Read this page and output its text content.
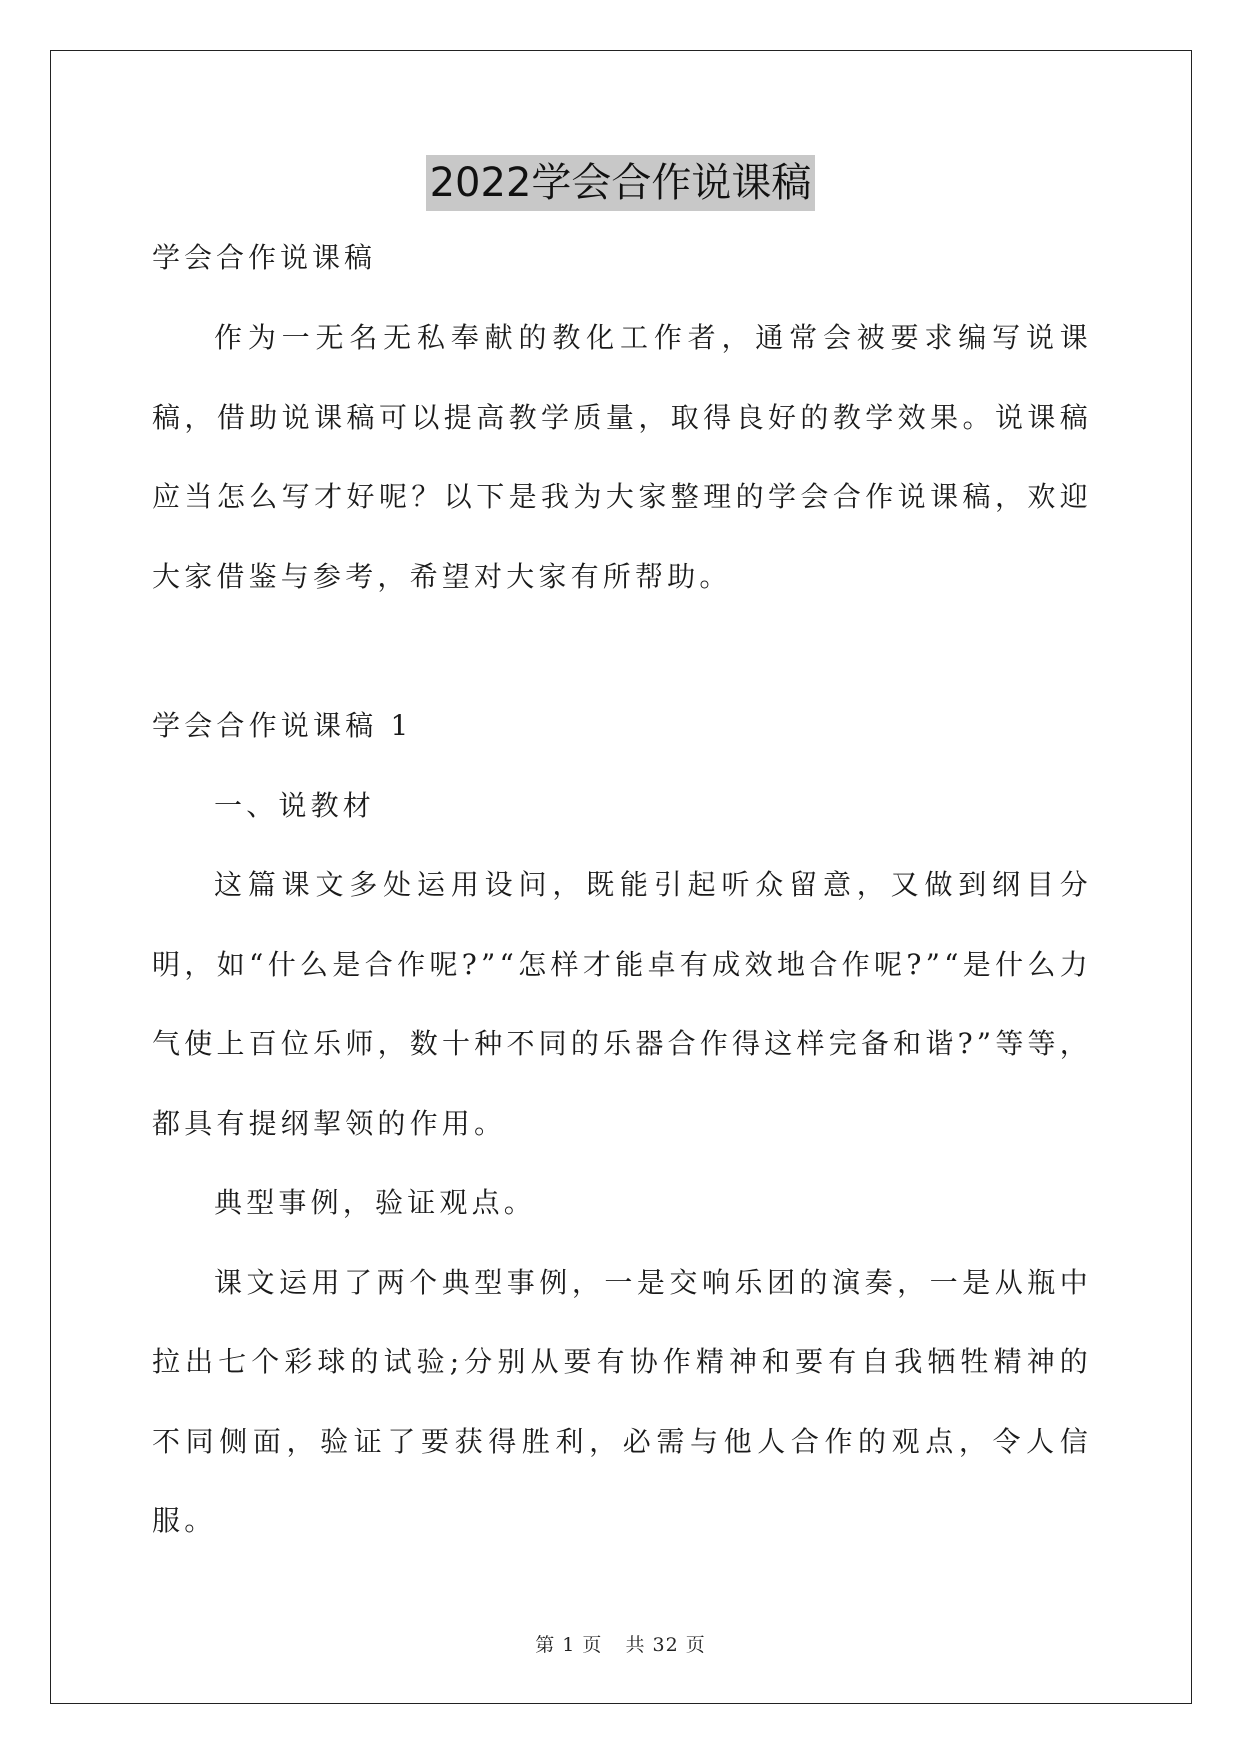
2022学会合作说课稿

学会合作说课稿

作为一无名无私奉献的教化工作者，通常会被要求编写说课稿，借助说课稿可以提高教学质量，取得良好的教学效果。说课稿应当怎么写才好呢？以下是我为大家整理的学会合作说课稿，欢迎大家借鉴与参考，希望对大家有所帮助。

学会合作说课稿 1

一、说教材

这篇课文多处运用设问，既能引起听众留意，又做到纲目分明，如“什么是合作呢?”“怎样才能卓有成效地合作呢?”“是什么力气使上百位乐师，数十种不同的乐器合作得这样完备和谐?”等等，都具有提纲挈领的作用。

典型事例，验证观点。

课文运用了两个典型事例，一是交响乐团的演奏，一是从瓶中拉出七个彩球的试验;分别从要有协作精神和要有自我牺牲精神的不同侧面，验证了要获得胜利，必需与他人合作的观点，令人信服。

第 1 页 共 32 页
